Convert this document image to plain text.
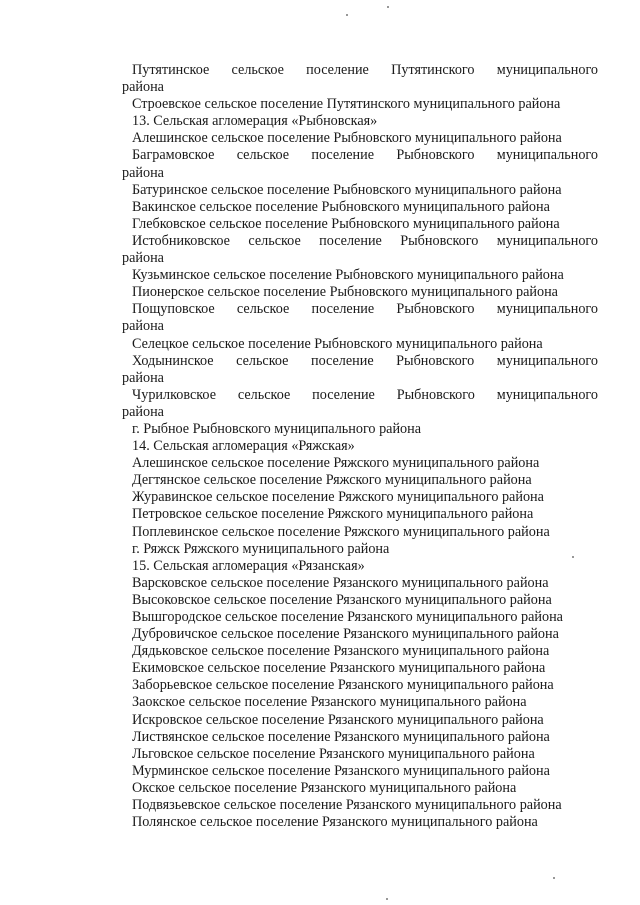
Путятинское сельское поселение Путятинского муниципального
района

Строевское сельское поселение Путятинского муниципального района

13. Сельская агломерация «Рыбновская»

Алешинское сельское поселение Рыбновского муниципального района

Баграмовское сельское поселение Рыбновского муниципального
района

Батуринское сельское поселение Рыбновского муниципального района

Вакинское сельское поселение Рыбновского муниципального района

Глебковское сельское поселение Рыбновского муниципального района

Истобниковское сельское поселение Рыбновского муниципального
района

Кузьминское сельское поселение Рыбновского муниципального района

Пионерское сельское поселение Рыбновского муниципального района

Пощуповское сельское поселение Рыбновского муниципального
района

Селецкое сельское поселение Рыбновского муниципального района

Ходынинское сельское поселение Рыбновского муниципального
района

Чурилковское сельское поселение Рыбновского муниципального
района

г. Рыбное Рыбновского муниципального района

14. Сельская агломерация «Ряжская»

Алешинское сельское поселение Ряжского муниципального района

Дегтянское сельское поселение Ряжского муниципального района

Журавинское сельское поселение Ряжского муниципального района

Петровское сельское поселение Ряжского муниципального района

Поплевинское сельское поселение Ряжского муниципального района

г. Ряжск Ряжского муниципального района

15. Сельская агломерация «Рязанская»

Варсковское сельское поселение Рязанского муниципального района

Высоковское сельское поселение Рязанского муниципального района

Вышгородское сельское поселение Рязанского муниципального района

Дубровичское сельское поселение Рязанского муниципального района

Дядьковское сельское поселение Рязанского муниципального района

Екимовское сельское поселение Рязанского муниципального района

Заборьевское сельское поселение Рязанского муниципального района

Заокское сельское поселение Рязанского муниципального района

Искровское сельское поселение Рязанского муниципального района

Листвянское сельское поселение Рязанского муниципального района

Льговское сельское поселение Рязанского муниципального района

Мурминское сельское поселение Рязанского муниципального района

Окское сельское поселение Рязанского муниципального района

Подвязьевское сельское поселение Рязанского муниципального района

Полянское сельское поселение Рязанского муниципального района
